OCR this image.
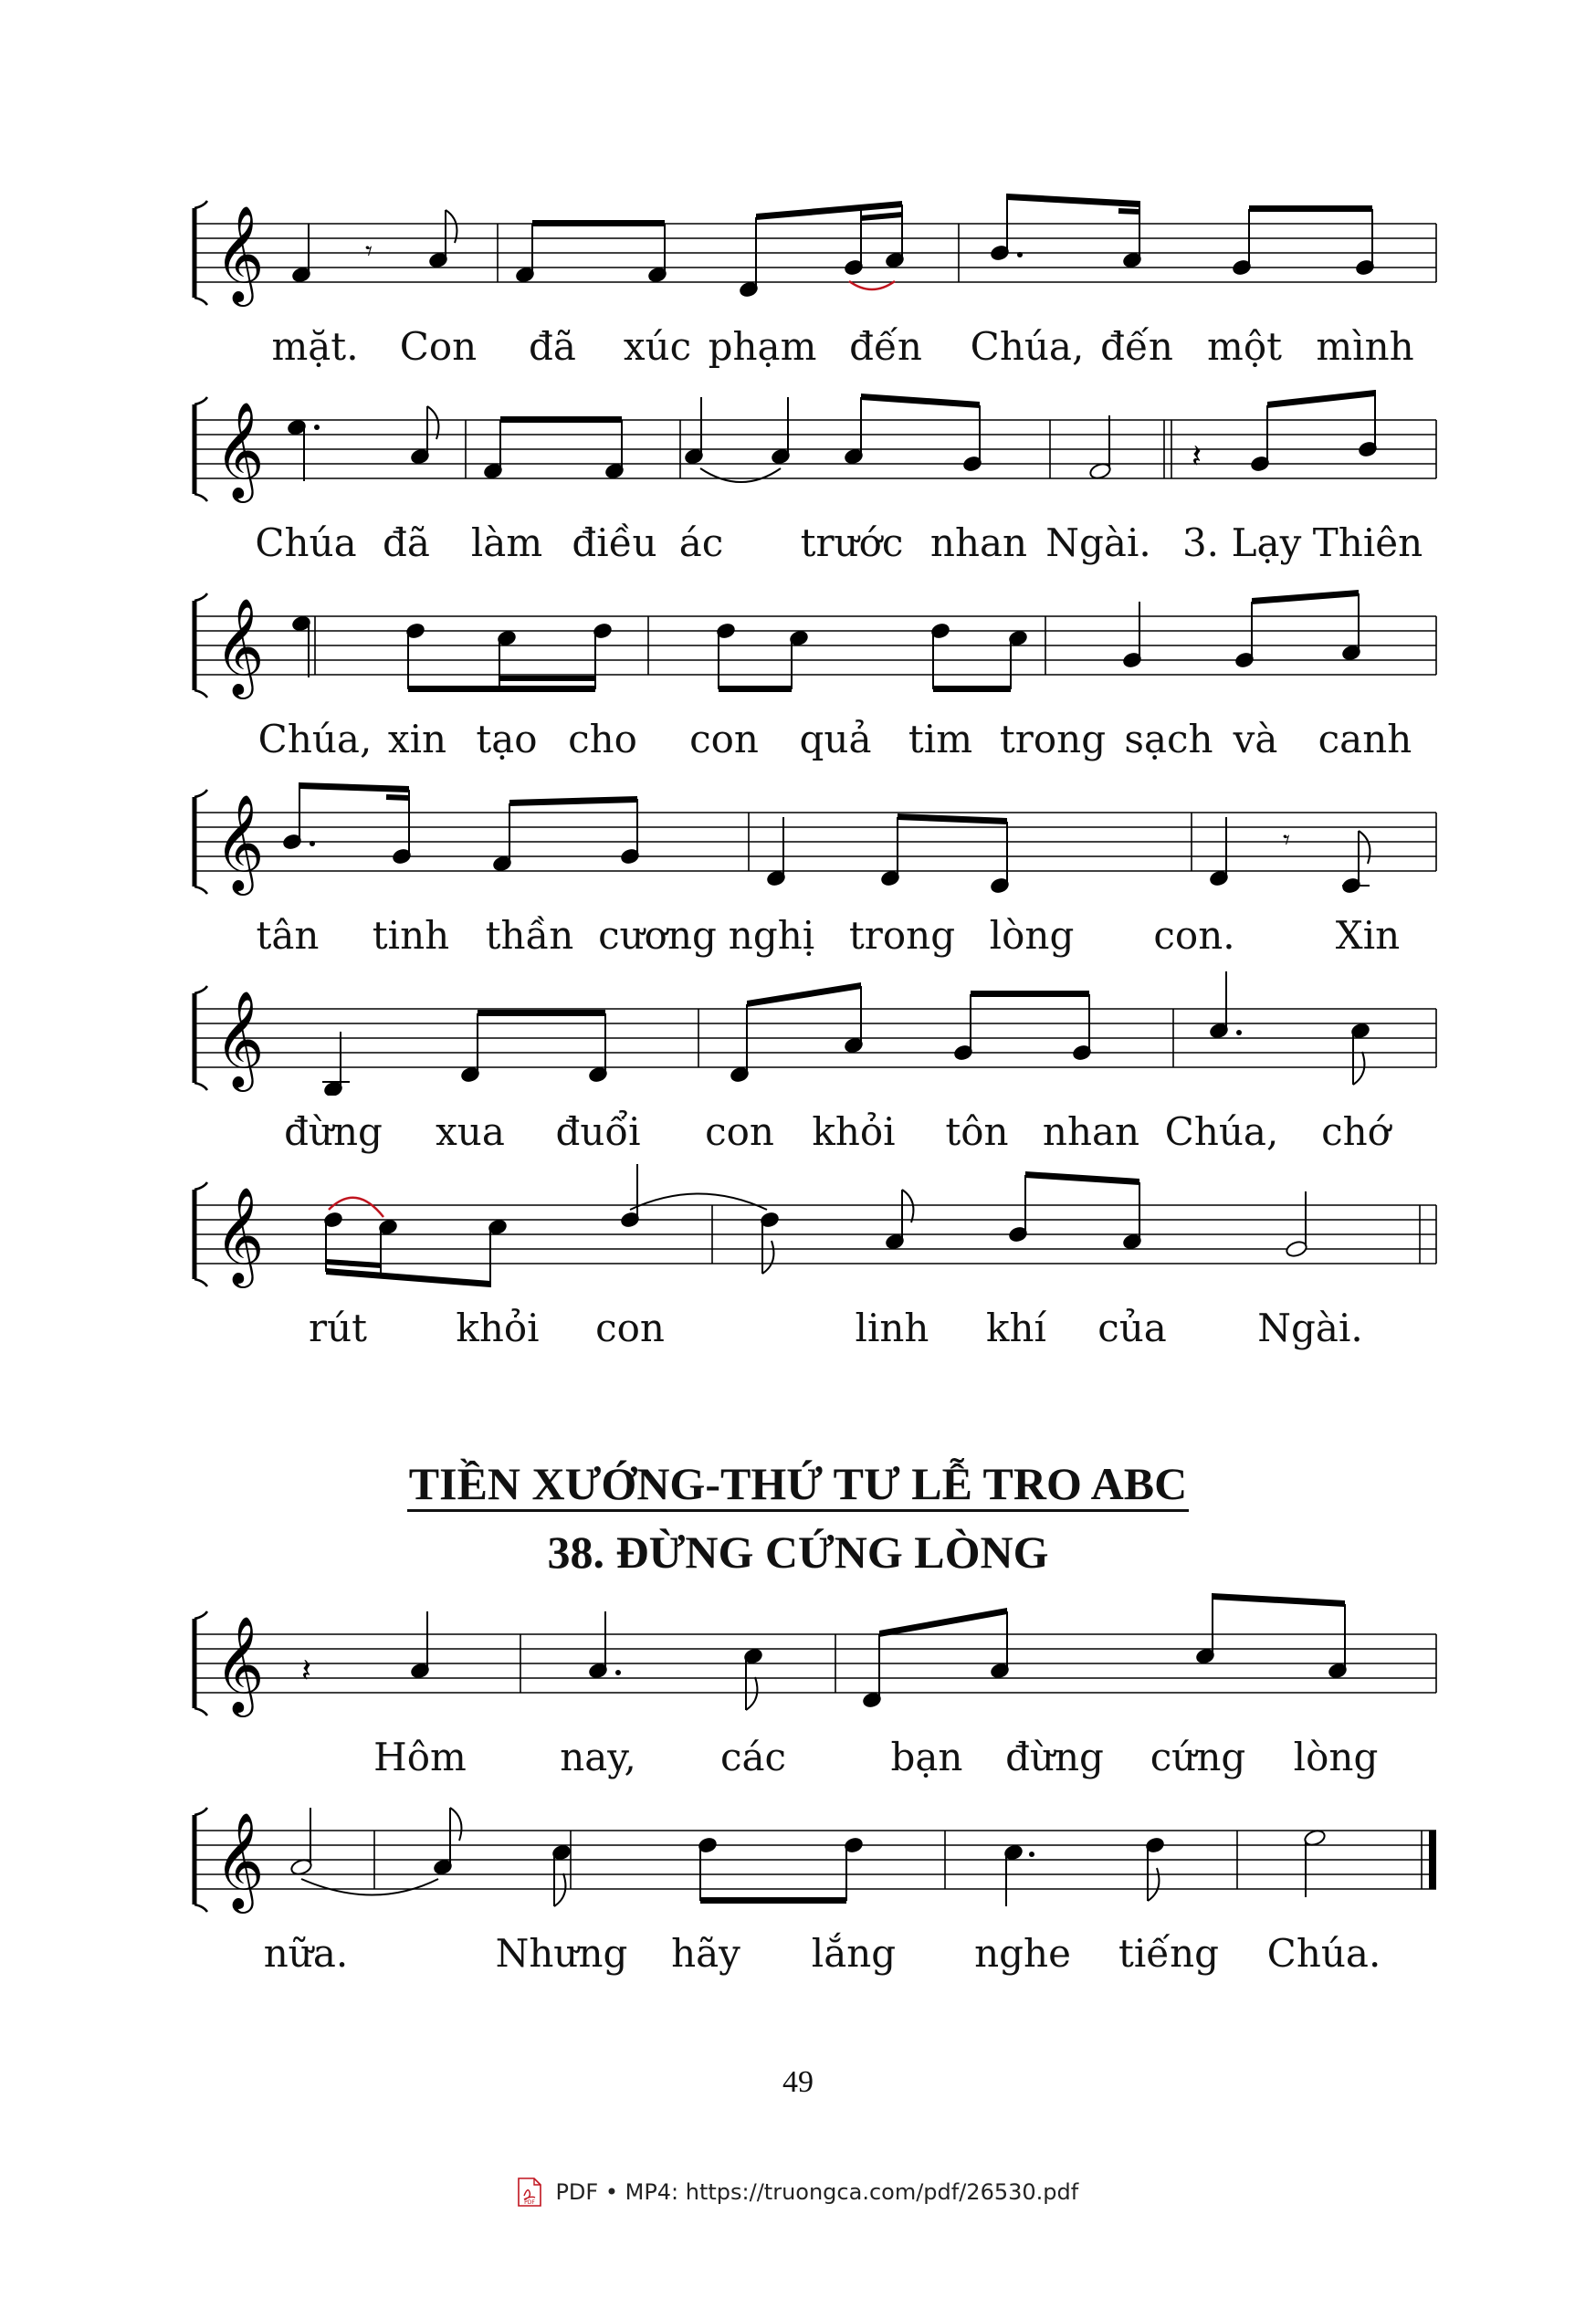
𝄞	𝄾
mặt. Con đã xúc phạm đến Chúa, đến một mình
𝄞	𝄽
Chúa đã làm điều ác trước nhan Ngài. 3. Lạy Thiên
𝄞
Chúa, xin tạo cho con quả tim trong sạch và canh
𝄞	𝄾
tân tinh thần cương nghị trong lòng con.	Xin
𝄞
đừng xua đuổi con khỏi tôn nhan Chúa, chớ
𝄞
rút khỏi con	linh khí của Ngài.
TIỀN XƯỚNG-THỨ TƯ LỄ TRO ABC
38. ĐỪNG CỨNG LÒNG
𝄞 𝄽
Hôm nay, các	bạn đừng cứng lòng
𝄞
nữa.	Nhưng hãy lắng nghe tiếng Chúa.
49
PDF PDF • MP4: https://truongca.com/pdf/26530.pdf
